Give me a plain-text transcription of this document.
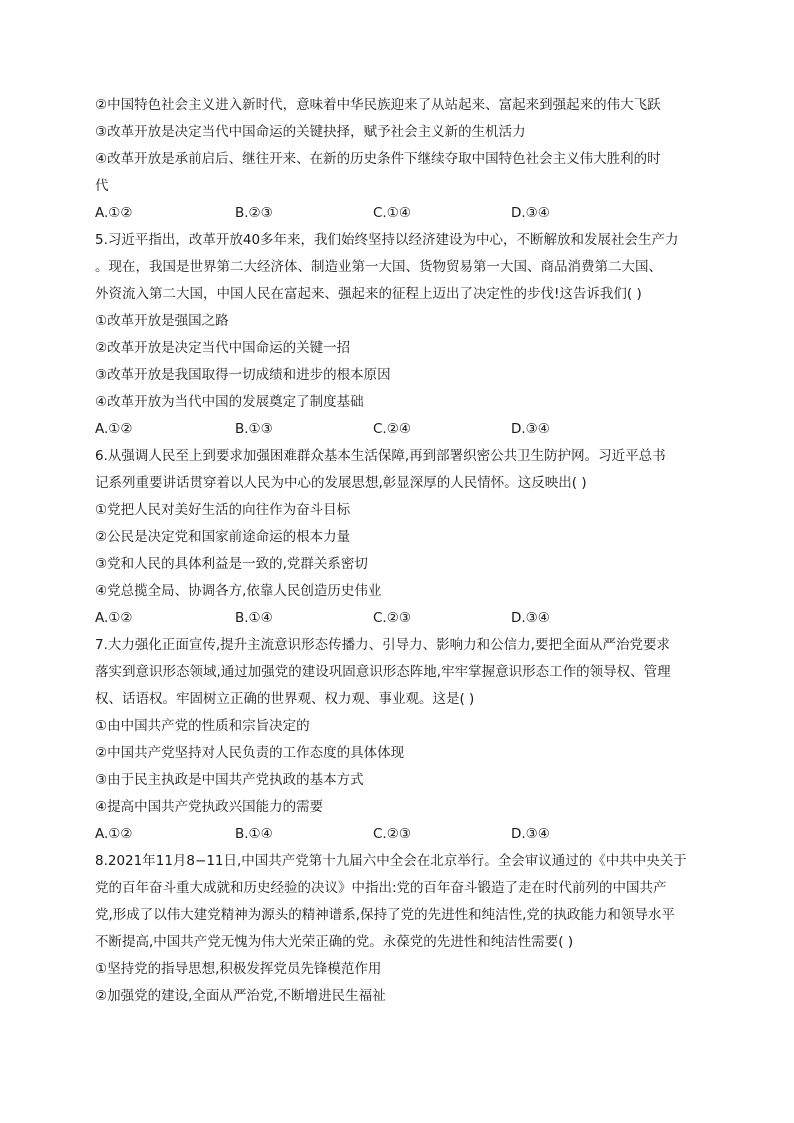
②中国特色社会主义进入新时代，意味着中华民族迎来了从站起来、富起来到强起来的伟大飞跃
③改革开放是决定当代中国命运的关键抉择，赋予社会主义新的生机活力
④改革开放是承前启后、继往开来、在新的历史条件下继续夺取中国特色社会主义伟大胜利的时
代
A.①②	B.②③	C.①④	D.③④
5.习近平指出，改革开放40多年来，我们始终坚持以经济建设为中心，不断解放和发展社会生产力
。现在，我国是世界第二大经济体、制造业第一大国、货物贸易第一大国、商品消费第二大国、
外资流入第二大国，中国人民在富起来、强起来的征程上迈出了决定性的步伐!这告诉我们( )
①改革开放是强国之路
②改革开放是决定当代中国命运的关键一招
③改革开放是我国取得一切成绩和进步的根本原因
④改革开放为当代中国的发展奠定了制度基础
A.①②	B.①③	C.②④	D.③④
6.从强调人民至上到要求加强困难群众基本生活保障,再到部署织密公共卫生防护网。习近平总书
记系列重要讲话贯穿着以人民为中心的发展思想,彰显深厚的人民情怀。这反映出( )
①党把人民对美好生活的向往作为奋斗目标
②公民是决定党和国家前途命运的根本力量
③党和人民的具体利益是一致的,党群关系密切
④党总揽全局、协调各方,依靠人民创造历史伟业
A.①②	B.①④	C.②③	D.③④
7.大力强化正面宣传,提升主流意识形态传播力、引导力、影响力和公信力,要把全面从严治党要求
落实到意识形态领域,通过加强党的建设巩固意识形态阵地,牢牢掌握意识形态工作的领导权、管理
权、话语权。牢固树立正确的世界观、权力观、事业观。这是( )
①由中国共产党的性质和宗旨决定的
②中国共产党坚持对人民负责的工作态度的具体体现
③由于民主执政是中国共产党执政的基本方式
④提高中国共产党执政兴国能力的需要
A.①②	B.①④	C.②③	D.③④
8.2021年11月8−11日,中国共产党第十九届六中全会在北京举行。全会审议通过的《中共中央关于
党的百年奋斗重大成就和历史经验的决议》中指出:党的百年奋斗锻造了走在时代前列的中国共产
党,形成了以伟大建党精神为源头的精神谱系,保持了党的先进性和纯洁性,党的执政能力和领导水平
不断提高,中国共产党无愧为伟大光荣正确的党。永葆党的先进性和纯洁性需要( )
①坚持党的指导思想,积极发挥党员先锋模范作用
②加强党的建设,全面从严治党,不断增进民生福祉
